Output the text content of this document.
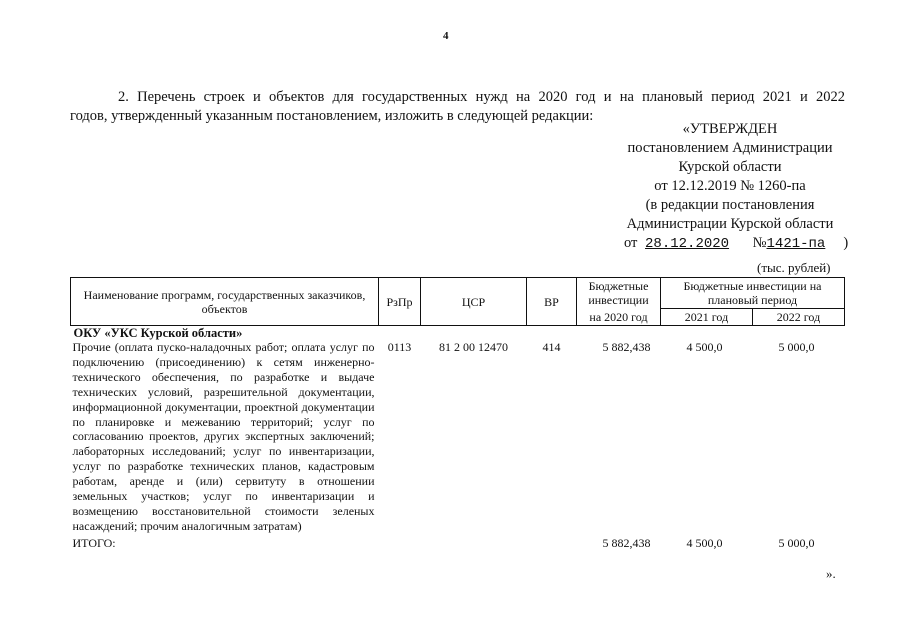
4
2. Перечень строек и объектов для государственных нужд на 2020 год и на плановый период 2021 и 2022
годов, утвержденный указанным постановлением, изложить в следующей редакции:
«УТВЕРЖДЕН
постановлением Администрации
Курской области
от 12.12.2019 № 1260-па
(в редакции постановления
Администрации Курской области
от 28.12.2020 №1421-па )
(тыс. рублей)
Наименование программ, государственных заказчиков, объектов	РзПр	ЦСР	ВР	Бюджетные инвестиции	Бюджетные инвестиции на плановый период	
				на 2020 год	2021 год	2022 год
ОКУ «УКС Курской области»						
Прочие (оплата пуско-наладочных работ; оплата услуг по подключению (присоединению) к сетям инженерно-технического обеспечения, по разработке и выдаче технических условий, разрешительной документации, информационной документации, проектной документации по планировке и межеванию территорий; услуг по согласованию проектов, других экспертных заключений; лабораторных исследований; услуг по инвентаризации, услуг по разработке технических планов, кадастровым работам, аренде и (или) сервитуту в отношении земельных участков; услуг по инвентаризации и возмещению восстановительной стоимости зеленых насаждений; прочим аналогичным затратам)	0113	81 2 00 12470	414	5 882,438	4 500,0	5 000,0
ИТОГО:				5 882,438	4 500,0	5 000,0
».
